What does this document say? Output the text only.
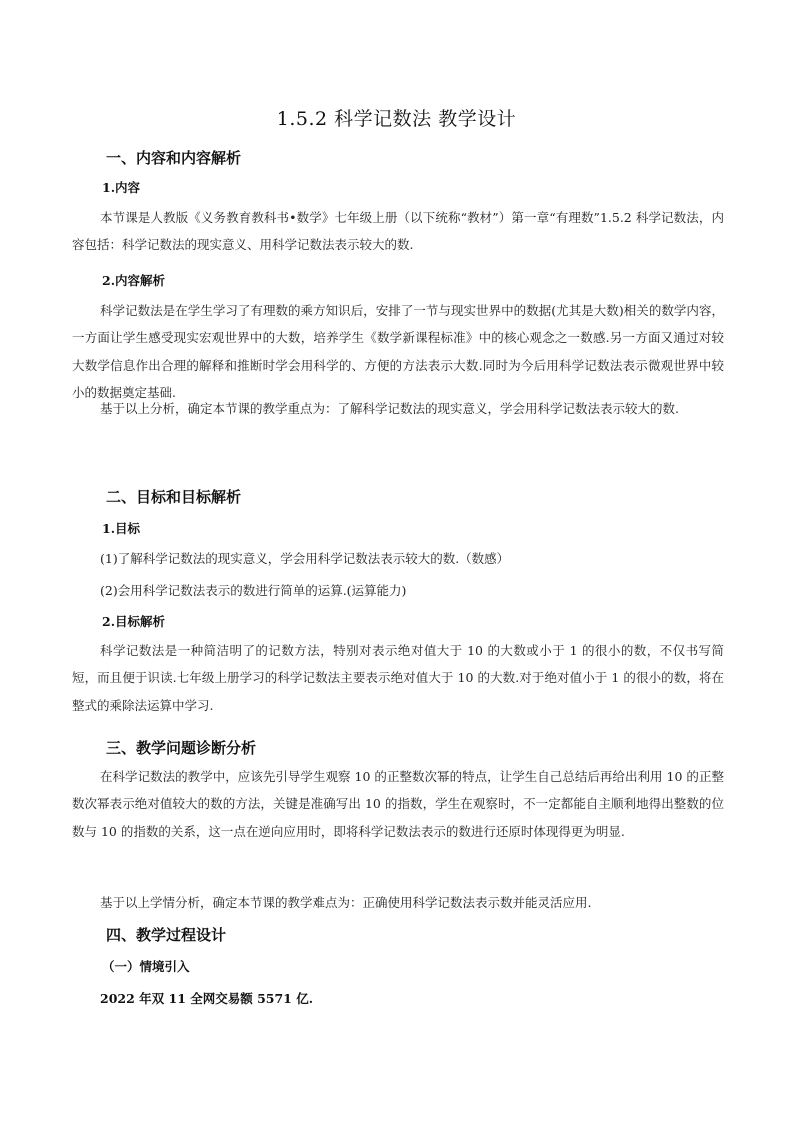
1.5.2 科学记数法 教学设计
一、内容和内容解析
1.内容
本节课是人教版《义务教育教科书•数学》七年级上册（以下统称“教材”）第一章“有理数”1.5.2 科学记数法，内容包括：科学记数法的现实意义、用科学记数法表示较大的数.
2.内容解析
科学记数法是在学生学习了有理数的乘方知识后，安排了一节与现实世界中的数据(尤其是大数)相关的数学内容，一方面让学生感受现实宏观世界中的大数，培养学生《数学新课程标准》中的核心观念之一数感.另一方面又通过对较大数学信息作出合理的解释和推断时学会用科学的、方便的方法表示大数.同时为今后用科学记数法表示微观世界中较小的数据奠定基础.
基于以上分析，确定本节课的教学重点为：了解科学记数法的现实意义，学会用科学记数法表示较大的数.
二、目标和目标解析
1.目标
(1)了解科学记数法的现实意义，学会用科学记数法表示较大的数.（数感）
(2)会用科学记数法表示的数进行简单的运算.(运算能力)
2.目标解析
科学记数法是一种简洁明了的记数方法，特别对表示绝对值大于 10 的大数或小于 1 的很小的数，不仅书写简短，而且便于识读.七年级上册学习的科学记数法主要表示绝对值大于 10 的大数.对于绝对值小于 1 的很小的数，将在整式的乘除法运算中学习.
三、教学问题诊断分析
在科学记数法的教学中，应该先引导学生观察 10 的正整数次幂的特点，让学生自己总结后再给出利用 10 的正整数次幂表示绝对值较大的数的方法，关键是准确写出 10 的指数，学生在观察时，不一定都能自主顺利地得出整数的位数与 10 的指数的关系，这一点在逆向应用时，即将科学记数法表示的数进行还原时体现得更为明显.
基于以上学情分析，确定本节课的教学难点为：正确使用科学记数法表示数并能灵活应用.
四、教学过程设计
（一）情境引入
2022 年双 11 全网交易额 5571 亿.
